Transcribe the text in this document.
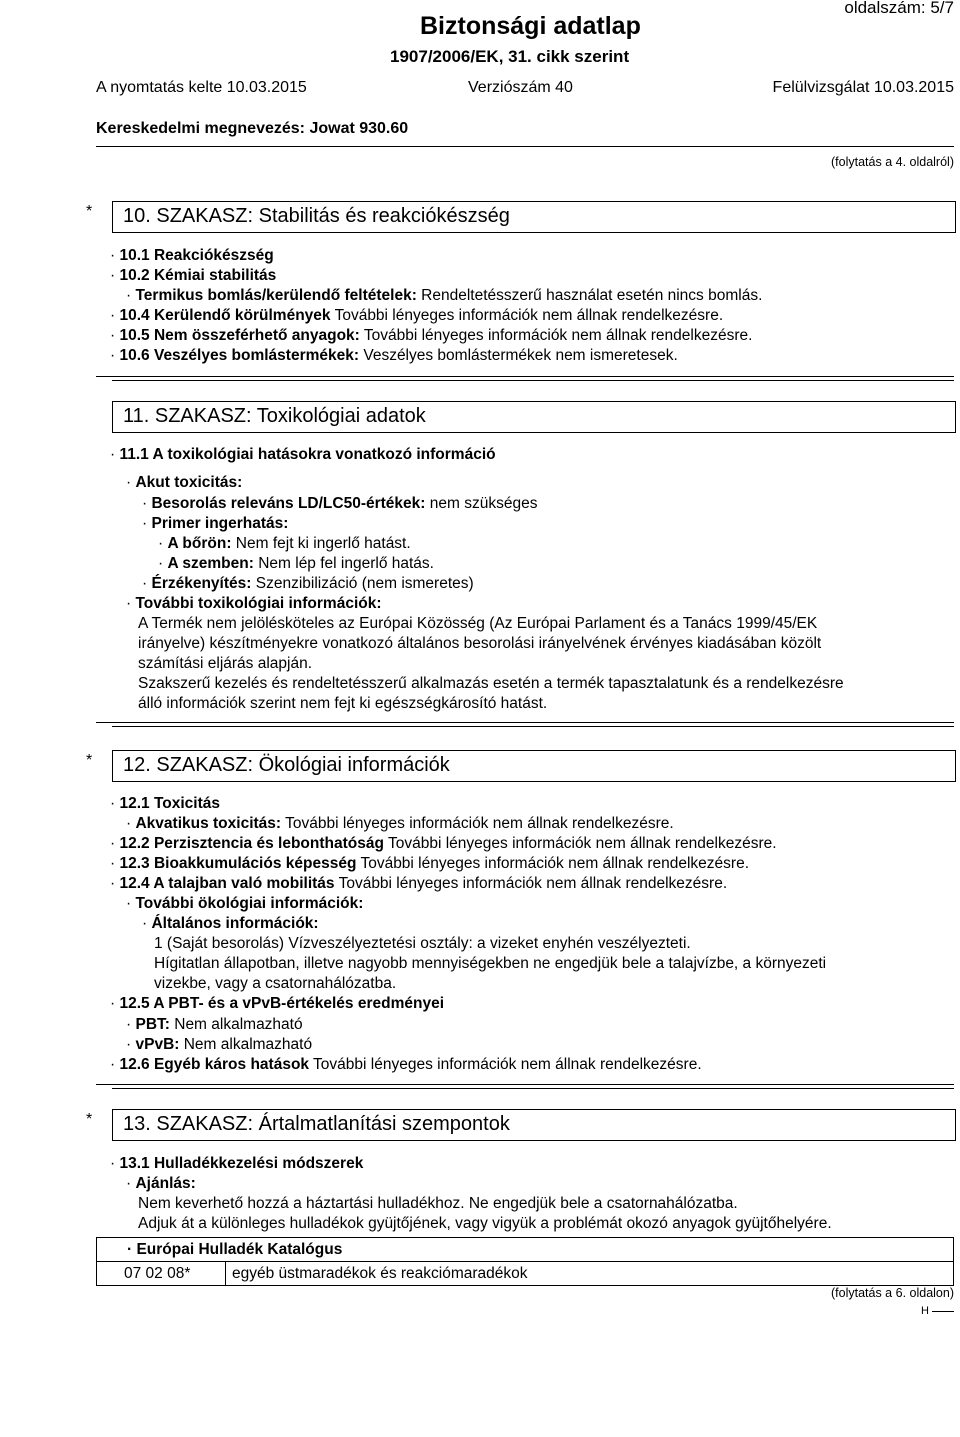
oldalszám: 5/7
Biztonsági adatlap
1907/2006/EK, 31. cikk szerint
A nyomtatás kelte 10.03.2015	Verziószám 40	Felülvizsgálat 10.03.2015
Kereskedelmi megnevezés: Jowat 930.60
(folytatás a 4. oldalról)
* 10. SZAKASZ: Stabilitás és reakciókészség
· 10.1 Reakciókészség
· 10.2 Kémiai stabilitás
· Termikus bomlás/kerülendő feltételek: Rendeltetésszerű használat esetén nincs bomlás.
· 10.4 Kerülendő körülmények További lényeges információk nem állnak rendelkezésre.
· 10.5 Nem összeférhető anyagok: További lényeges információk nem állnak rendelkezésre.
· 10.6 Veszélyes bomlástermékek: Veszélyes bomlástermékek nem ismeretesek.
11. SZAKASZ: Toxikológiai adatok
· 11.1 A toxikológiai hatásokra vonatkozó információ
· Akut toxicitás:
· Besorolás releváns LD/LC50-értékek: nem szükséges
· Primer ingerhatás:
· A bőrön: Nem fejt ki ingerlő hatást.
· A szemben: Nem lép fel ingerlő hatás.
· Érzékenyítés: Szenzibilizáció (nem ismeretes)
· További toxikológiai információk:
A Termék nem jelölésköteles az Európai Közösség (Az Európai Parlament és a Tanács 1999/45/EK
irányelve) készítményekre vonatkozó általános besorolási irányelvének érvényes kiadásában közölt
számítási eljárás alapján.
Szakszerű kezelés és rendeltetésszerű alkalmazás esetén a termék tapasztalatunk és a rendelkezésre
álló információk szerint nem fejt ki egészségkárosító hatást.
* 12. SZAKASZ: Ökológiai információk
· 12.1 Toxicitás
· Akvatikus toxicitás: További lényeges információk nem állnak rendelkezésre.
· 12.2 Perzisztencia és lebonthatóság További lényeges információk nem állnak rendelkezésre.
· 12.3 Bioakkumulációs képesség További lényeges információk nem állnak rendelkezésre.
· 12.4 A talajban való mobilitás További lényeges információk nem állnak rendelkezésre.
· További ökológiai információk:
· Általános információk:
1 (Saját besorolás) Vízveszélyeztetési osztály: a vizeket enyhén veszélyezteti.
Hígitatlan állapotban, illetve nagyobb mennyiségekben ne engedjük bele a talajvízbe, a környezeti
vizekbe, vagy a csatornahálózatba.
· 12.5 A PBT- és a vPvB-értékelés eredményei
· PBT: Nem alkalmazható
· vPvB: Nem alkalmazható
· 12.6 Egyéb káros hatások További lényeges információk nem állnak rendelkezésre.
* 13. SZAKASZ: Ártalmatlanítási szempontok
· 13.1 Hulladékkezelési módszerek
· Ajánlás:
Nem keverhető hozzá a háztartási hulladékhoz. Ne engedjük bele a csatornahálózatba.
Adjuk át a különleges hulladékok gyüjtőjének, vagy vigyük a problémát okozó anyagok gyüjtőhelyére.
· Európai Hulladék Katalógus
07 02 08*	egyéb üstmaradékok és reakciómaradékok
(folytatás a 6. oldalon)
H
